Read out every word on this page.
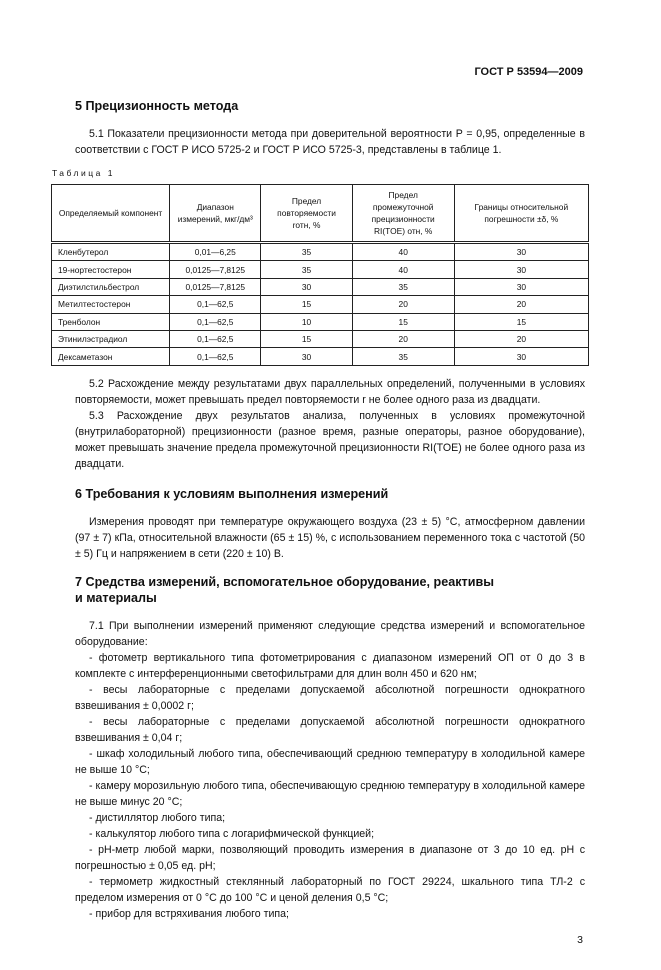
ГОСТ Р 53594—2009
5 Прецизионность метода

5.1 Показатели прецизионности метода при доверительной вероятности P = 0,95, определенные в соответствии с ГОСТ Р ИСО 5725-2 и ГОСТ Р ИСО 5725-3, представлены в таблице 1.

Таблица 1
Определяемый компонент	Диапазон измерений, мкг/дм³	Предел повторяемости rотн, %	Предел промежуточной прецизионности RI(TOE) отн, %	Границы относительной погрешности ±δ, %
Кленбутерол	0,01—6,25	35	40	30
19-нортестостерон	0,0125—7,8125	35	40	30
Диэтилстильбестрол	0,0125—7,8125	30	35	30
Метилтестостерон	0,1—62,5	15	20	20
Тренболон	0,1—62,5	10	15	15
Этинилэстрадиол	0,1—62,5	15	20	20
Дексаметазон	0,1—62,5	30	35	30

5.2 Расхождение между результатами двух параллельных определений, полученными в условиях повторяемости, может превышать предел повторяемости r не более одного раза из двадцати.

5.3 Расхождение двух результатов анализа, полученных в условиях промежуточной (внутрилабораторной) прецизионности (разное время, разные операторы, разное оборудование), может превышать значение предела промежуточной прецизионности RI(TOE) не более одного раза из двадцати.

6 Требования к условиям выполнения измерений

Измерения проводят при температуре окружающего воздуха (23 ± 5) °С, атмосферном давлении (97 ± 7) кПа, относительной влажности (65 ± 15) %, с использованием переменного тока с частотой (50 ± 5) Гц и напряжением в сети (220 ± 10) В.

7 Средства измерений, вспомогательное оборудование, реактивы
и материалы

7.1 При выполнении измерений применяют следующие средства измерений и вспомогательное оборудование:

- фотометр вертикального типа фотометрирования с диапазоном измерений ОП от 0 до 3 в комплекте с интерференционными светофильтрами для длин волн 450 и 620 нм;

- весы лабораторные с пределами допускаемой абсолютной погрешности однократного взвешивания ± 0,0002 г;

- весы лабораторные с пределами допускаемой абсолютной погрешности однократного взвешивания ± 0,04 г;

- шкаф холодильный любого типа, обеспечивающий среднюю температуру в холодильной камере не выше 10 °С;

- камеру морозильную любого типа, обеспечивающую среднюю температуру в холодильной камере не выше минус 20 °С;

- дистиллятор любого типа;

- калькулятор любого типа с логарифмической функцией;

- pH-метр любой марки, позволяющий проводить измерения в диапазоне от 3 до 10 ед. pH с погрешностью ± 0,05 ед. pH;

- термометр жидкостный стеклянный лабораторный по ГОСТ 29224, шкального типа ТЛ-2 с пределом измерения от 0 °С до 100 °С и ценой деления 0,5 °С;

- прибор для встряхивания любого типа;

3
